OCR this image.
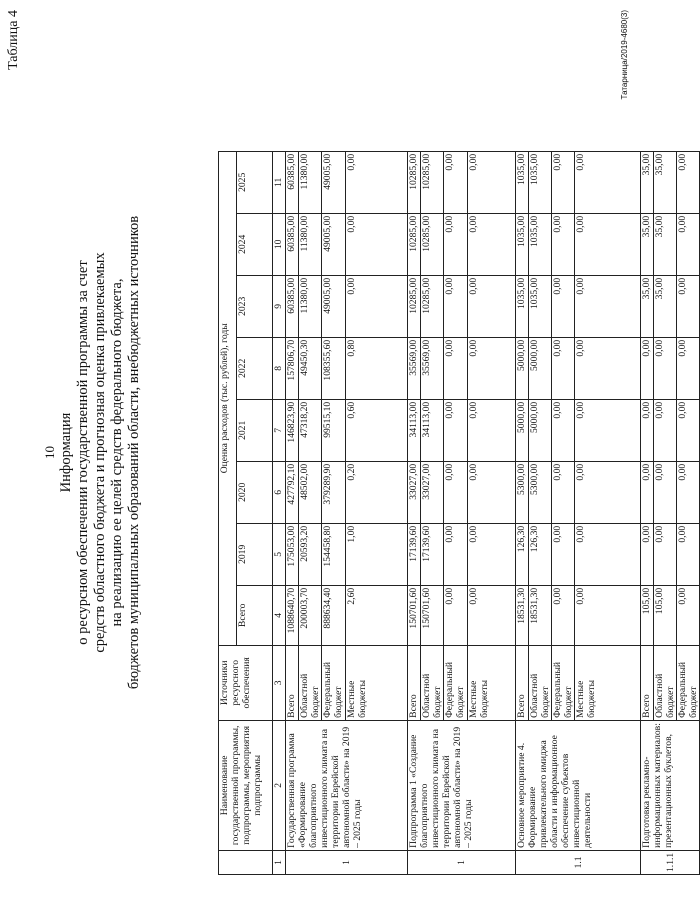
Таблица 4
10 Информация о ресурсном обеспечении государственной программы за счет средств областного бюджета и прогнозная оценка привлекаемых на реализацию ее целей средств федерального бюджета, бюджетов муниципальных образований области, внебюджетных источников
	Наименование государственной программы, подпрограммы, мероприятия подпрограммы	Источники ресурсного обеспечения	Оценка расходов (тыс. рублей), годы							
			Всего	2019	2020	2021	2022	2023	2024	2025
1	2	3	4	5	6	7	8	9	10	11
1	Государственная программа «Формирование благоприятного инвестиционного климата на территории Еврейской автономной области» на 2019 – 2025 годы	Всего	1088640,70	175053,00	427792,10	146823,90	157806,70	60385,00	60385,00	60385,00
		Областной бюджет	200003,70	20593,20	48502,00	47318,20	49450,30	11380,00	11380,00	11380,00
		Федеральный бюджет	888634,40	154458,80	379289,90	99515,10	108355,60	49005,00	49005,00	49005,00
		Местные бюджеты	2,60	1,00	0,20	0,60	0,80	0,00	0,00	0,00
1	Подпрограмма 1 «Создание благоприятного инвестиционного климата на территории Еврейской автономной области» на 2019 – 2025 годы	Всего	150701,60	17139,60	33027,00	34113,00	35569,00	10285,00	10285,00	10285,00
		Областной бюджет	150701,60	17139,60	33027,00	34113,00	35569,00	10285,00	10285,00	10285,00
		Федеральный бюджет	0,00	0,00	0,00	0,00	0,00	0,00	0,00	0,00
		Местные бюджеты	0,00	0,00	0,00	0,00	0,00	0,00	0,00	0,00
1.1	Основное мероприятие 4. Формирование привлекательного имиджа области и информационное обеспечение субъектов инвестиционной деятельности	Всего	18531,30	126,30	5300,00	5000,00	5000,00	1035,00	1035,00	1035,00
		Областной бюджет	18531,30	126,30	5300,00	5000,00	5000,00	1035,00	1035,00	1035,00
		Федеральный бюджет	0,00	0,00	0,00	0,00	0,00	0,00	0,00	0,00
		Местные бюджеты	0,00	0,00	0,00	0,00	0,00	0,00	0,00	0,00
1.1.1	Подготовка рекламно-информационных материалов: презентационных буклетов,	Всего	105,00	0,00	0,00	0,00	0,00	35,00	35,00	35,00
		Областной бюджет	105,00	0,00	0,00	0,00	0,00	35,00	35,00	35,00
		Федеральный бюджет	0,00	0,00	0,00	0,00	0,00	0,00	0,00	0,00
Татарница/2019-4680(3)
